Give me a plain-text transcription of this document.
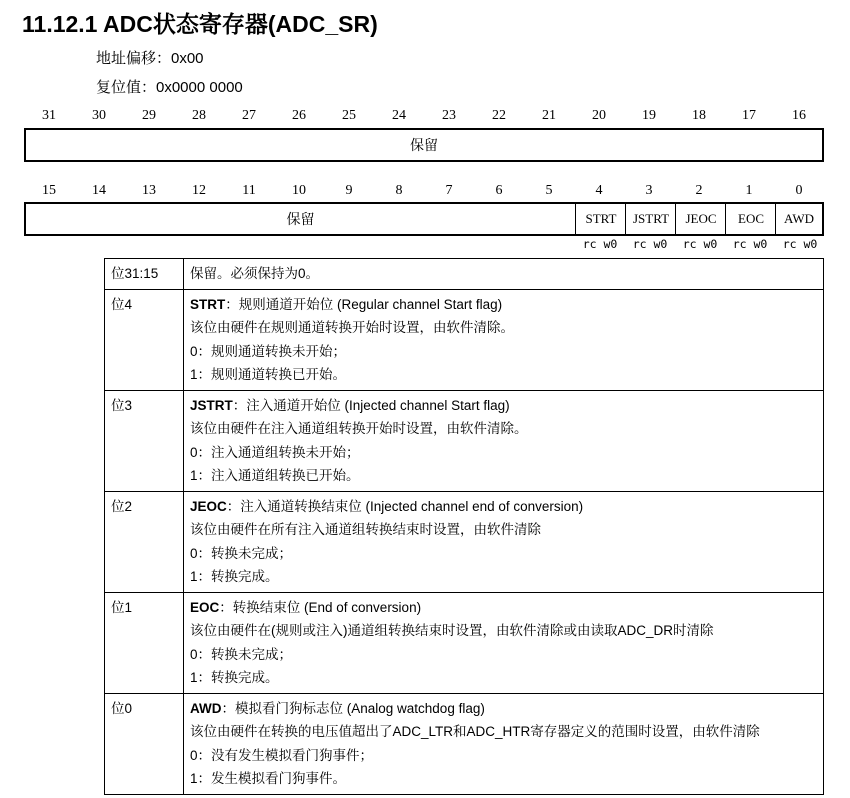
11.12.1 ADC状态寄存器(ADC_SR)
地址偏移：0x00
复位值：0x0000 0000
31	30	29	28	27	26	25	24	23	22	21	20	19	18	17	16
保留
15	14	13	12	11	10	9	8	7	6	5	4	3	2	1	0
保留	STRT	JSTRT	JEOC	EOC	AWD
rc w0	rc w0	rc w0	rc w0	rc w0
位31:15	保留。必须保持为0。

位4	STRT：规则通道开始位 (Regular channel Start flag)
该位由硬件在规则通道转换开始时设置，由软件清除。
0：规则通道转换未开始；
1：规则通道转换已开始。

位3	JSTRT：注入通道开始位 (Injected channel Start flag)
该位由硬件在注入通道组转换开始时设置，由软件清除。
0：注入通道组转换未开始；
1：注入通道组转换已开始。

位2	JEOC：注入通道转换结束位 (Injected channel end of conversion)
该位由硬件在所有注入通道组转换结束时设置，由软件清除
0：转换未完成；
1：转换完成。

位1	EOC：转换结束位 (End of conversion)
该位由硬件在(规则或注入)通道组转换结束时设置，由软件清除或由读取ADC_DR时清除
0：转换未完成；
1：转换完成。

位0	AWD：模拟看门狗标志位 (Analog watchdog flag)
该位由硬件在转换的电压值超出了ADC_LTR和ADC_HTR寄存器定义的范围时设置，由软件清除
0：没有发生模拟看门狗事件；
1：发生模拟看门狗事件。
